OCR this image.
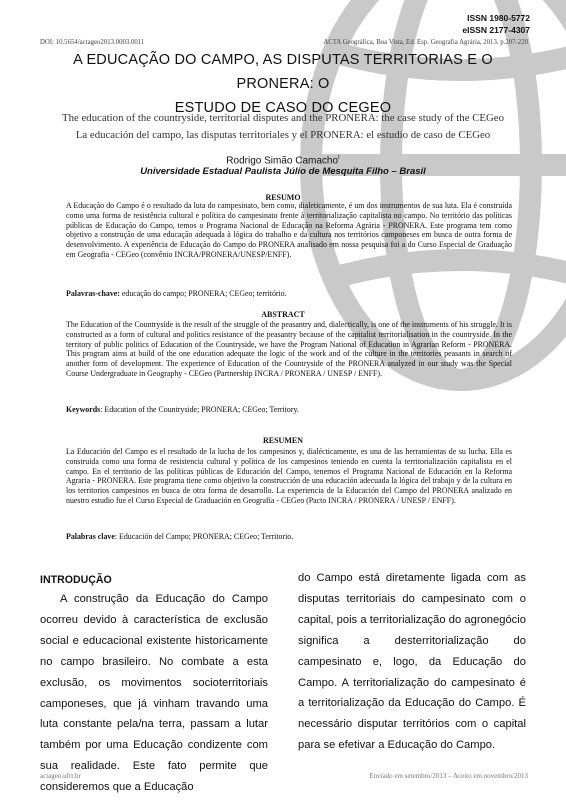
ISSN 1980-5772
eISSN 2177-4307
DOI: 10.5654/actageo2013.0003.0011	ACTA Geográfica, Boa Vista, Ed. Esp. Geografia Agrária, 2013. p.207-220
A EDUCAÇÃO DO CAMPO, AS DISPUTAS TERRITORIAS E O PRONERA: O
ESTUDO DE CASO DO CEGEO
The education of the countryside, territorial disputes and the PRONERA: the case study of the CEGeo
La educación del campo, las disputas territoriales y el PRONERA: el estudio de caso de CEGeo
Rodrigo Simão Camacho$^I$
Universidade Estadual Paulista Júlio de Mesquita Filho – Brasil
RESUMO

A Educação do Campo é o resultado da luta do campesinato, bem como, dialeticamente, é um dos instrumentos de sua luta. Ela é construída como uma forma de resistência cultural e política do campesinato frente à territorialização capitalista no campo. No território das políticas públicas de Educação do Campo, temos o Programa Nacional de Educação na Reforma Agrária - PRONERA. Este programa tem como objetivo a construção de uma educação adequada à lógica do trabalho e da cultura nos territórios camponeses em busca de outra forma de desenvolvimento. A experiência de Educação do Campo do PRONERA analisado em nossa pesquisa foi a do Curso Especial de Graduação em Geografia - CEGeo (convênio INCRA/PRONERA/UNESP/ENFF).

Palavras-chave: educação do campo; PRONERA; CEGeo; território.
ABSTRACT

The Education of the Countryside is the result of the struggle of the peasantry and, dialectically, is one of the instruments of his struggle. It is constructed as a form of cultural and politics resistance of the peasantry because of the capitalist territorialisation in the countryside. In the territory of public politics of Education of the Countryside, we have the Program National of Education in Agrarian Reform - PRONERA. This program aims at build of the one education adequate the logic of the work and of the culture in the territories peasants in search of another form of development. The experience of Education of the Countryside of the PRONERA analyzed in our study was the Special Course Undergraduate in Geography - CEGeo (Partnership INCRA / PRONERA / UNESP / ENFF).

Keywords: Education of the Countryside; PRONERA; CEGeo; Territory.
RESUMEN

La Educación del Campo es el resultado de la lucha de los campesinos y, dialécticamente, es una de las herramientas de su lucha. Ella es construida como una forma de resistencia cultural y política de los campesinos teniendo en cuenta la territorialización capitalista en el campo. En el territorio de las políticas públicas de Educación del Campo, tenemos el Programa Nacional de Educación en la Reforma Agraria - PRONERA. Este programa tiene como objetivo la construcción de una educación adecuada la lógica del trabajo y de la cultura en los territorios campesinos en busca de otra forma de desarrollo. La experiencia de la Educación del Campo del PRONERA analizado en nuestro estudio fue el Curso Especial de Graduación en Geografía - CEGeo (Pacto INCRA / PRONERA / UNESP / ENFF).

Palabras clave: Educación del Campo; PRONERA; CEGeo; Territorio.
INTRODUÇÃO

A construção da Educação do Campo ocorreu devido à característica de exclusão social e educacional existente historicamente no campo brasileiro. No combate a esta exclusão, os movimentos socioterritoriais camponeses, que já vinham travando uma luta constante pela/na terra, passam a lutar também por uma Educação condizente com sua realidade. Este fato permite que consideremos que a Educação

do Campo está diretamente ligada com as disputas territoriais do campesinato com o capital, pois a territorialização do agronegócio significa a desterritorialização do campesinato e, logo, da Educação do Campo. A territorialização do campesinato é a territorialização da Educação do Campo. É necessário disputar territórios com o capital para se efetivar a Educação do Campo.

actageo.ufrr.br	Enviado em setembro/2013 – Aceito em novembro/2013
